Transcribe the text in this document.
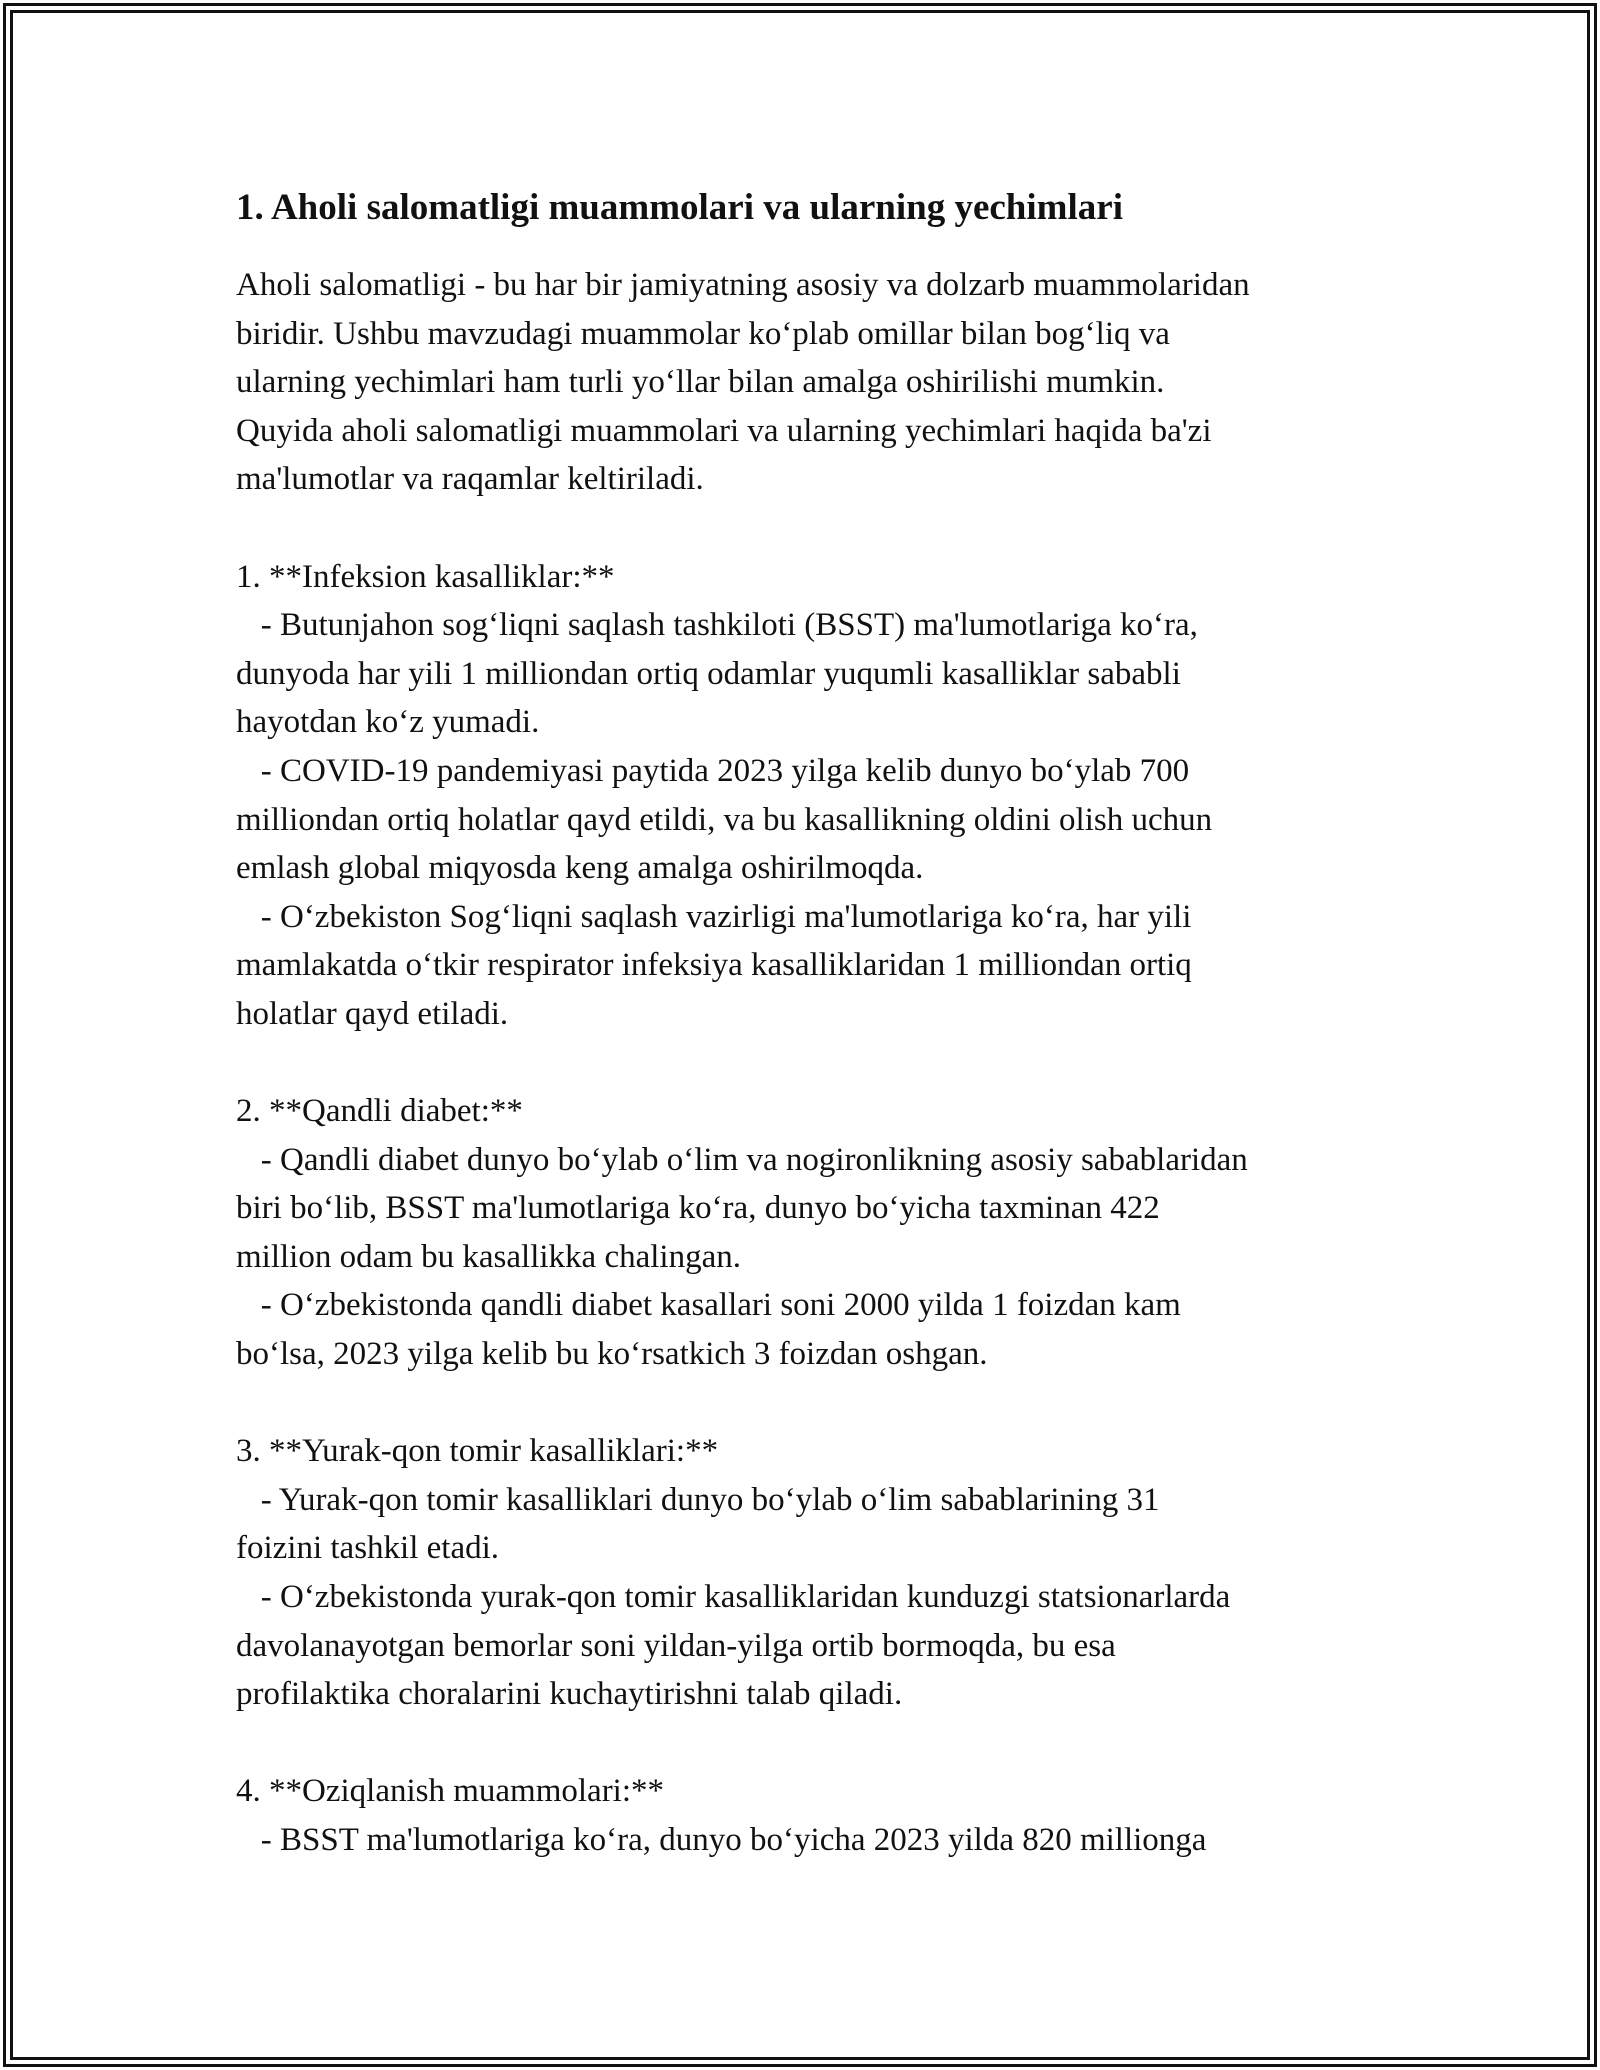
1. Aholi salomatligi muammolari va ularning yechimlari
Aholi salomatligi - bu har bir jamiyatning asosiy va dolzarb muammolaridan
biridir. Ushbu mavzudagi muammolar koʻplab omillar bilan bogʻliq va
ularning yechimlari ham turli yoʻllar bilan amalga oshirilishi mumkin.
Quyida aholi salomatligi muammolari va ularning yechimlari haqida ba'zi
ma'lumotlar va raqamlar keltiriladi.
1. **Infeksion kasalliklar:**
- Butunjahon sogʻliqni saqlash tashkiloti (BSST) ma'lumotlariga koʻra,
dunyoda har yili 1 milliondan ortiq odamlar yuqumli kasalliklar sababli
hayotdan koʻz yumadi.
- COVID-19 pandemiyasi paytida 2023 yilga kelib dunyo boʻylab 700
milliondan ortiq holatlar qayd etildi, va bu kasallikning oldini olish uchun
emlash global miqyosda keng amalga oshirilmoqda.
- Oʻzbekiston Sogʻliqni saqlash vazirligi ma'lumotlariga koʻra, har yili
mamlakatda oʻtkir respirator infeksiya kasalliklaridan 1 milliondan ortiq
holatlar qayd etiladi.
2. **Qandli diabet:**
- Qandli diabet dunyo boʻylab oʻlim va nogironlikning asosiy sabablaridan
biri boʻlib, BSST ma'lumotlariga koʻra, dunyo boʻyicha taxminan 422
million odam bu kasallikka chalingan.
- Oʻzbekistonda qandli diabet kasallari soni 2000 yilda 1 foizdan kam
boʻlsa, 2023 yilga kelib bu koʻrsatkich 3 foizdan oshgan.
3. **Yurak-qon tomir kasalliklari:**
- Yurak-qon tomir kasalliklari dunyo boʻylab oʻlim sabablarining 31
foizini tashkil etadi.
- Oʻzbekistonda yurak-qon tomir kasalliklaridan kunduzgi statsionarlarda
davolanayotgan bemorlar soni yildan-yilga ortib bormoqda, bu esa
profilaktika choralarini kuchaytirishni talab qiladi.
4. **Oziqlanish muammolari:**
- BSST ma'lumotlariga koʻra, dunyo boʻyicha 2023 yilda 820 millionga
